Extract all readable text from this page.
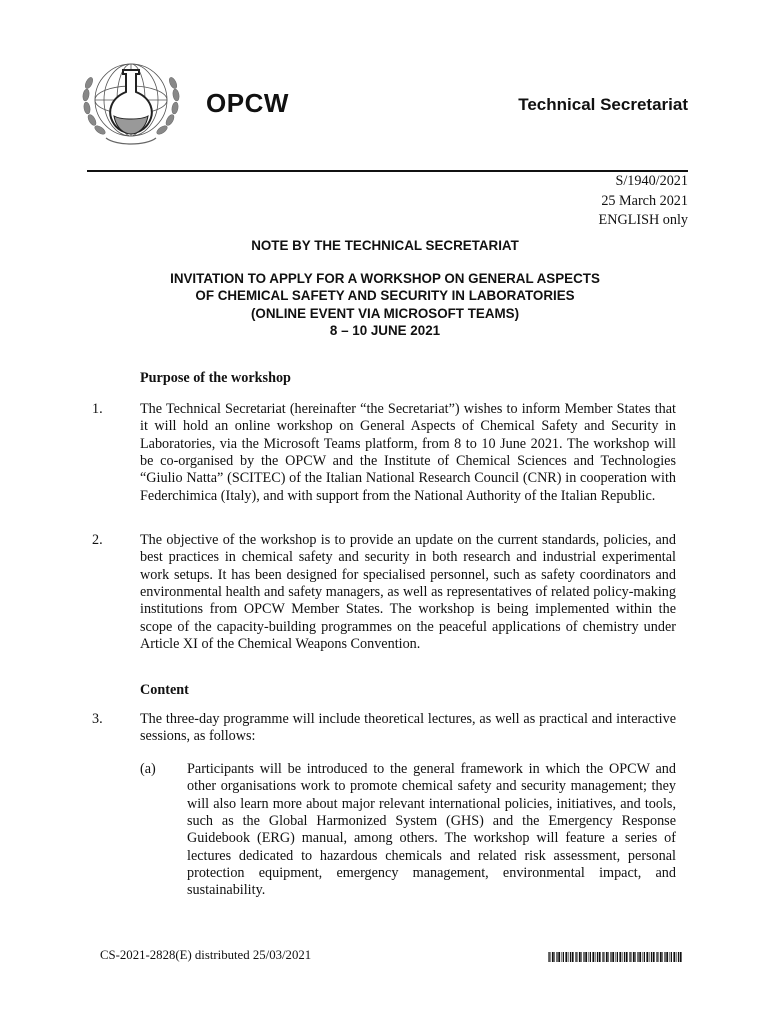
OPCW	Technical Secretariat
S/1940/2021
25 March 2021
ENGLISH only
NOTE BY THE TECHNICAL SECRETARIAT
INVITATION TO APPLY FOR A WORKSHOP ON GENERAL ASPECTS
OF CHEMICAL SAFETY AND SECURITY IN LABORATORIES
(ONLINE EVENT VIA MICROSOFT TEAMS)
8 – 10 JUNE 2021
Purpose of the workshop
1.	The Technical Secretariat (hereinafter “the Secretariat”) wishes to inform Member States that it will hold an online workshop on General Aspects of Chemical Safety and Security in Laboratories, via the Microsoft Teams platform, from 8 to 10 June 2021. The workshop will be co-organised by the OPCW and the Institute of Chemical Sciences and Technologies “Giulio Natta” (SCITEC) of the Italian National Research Council (CNR) in cooperation with Federchimica (Italy), and with support from the National Authority of the Italian Republic.
2.	The objective of the workshop is to provide an update on the current standards, policies, and best practices in chemical safety and security in both research and industrial experimental work setups. It has been designed for specialised personnel, such as safety coordinators and environmental health and safety managers, as well as representatives of related policy-making institutions from OPCW Member States. The workshop is being implemented within the scope of the capacity-building programmes on the peaceful applications of chemistry under Article XI of the Chemical Weapons Convention.
Content
3.	The three-day programme will include theoretical lectures, as well as practical and interactive sessions, as follows:
(a) Participants will be introduced to the general framework in which the OPCW and other organisations work to promote chemical safety and security management; they will also learn more about major relevant international policies, initiatives, and tools, such as the Global Harmonized System (GHS) and the Emergency Response Guidebook (ERG) manual, among others. The workshop will feature a series of lectures dedicated to hazardous chemicals and related risk assessment, personal protection equipment, emergency management, environmental impact, and sustainability.
CS-2021-2828(E) distributed 25/03/2021
